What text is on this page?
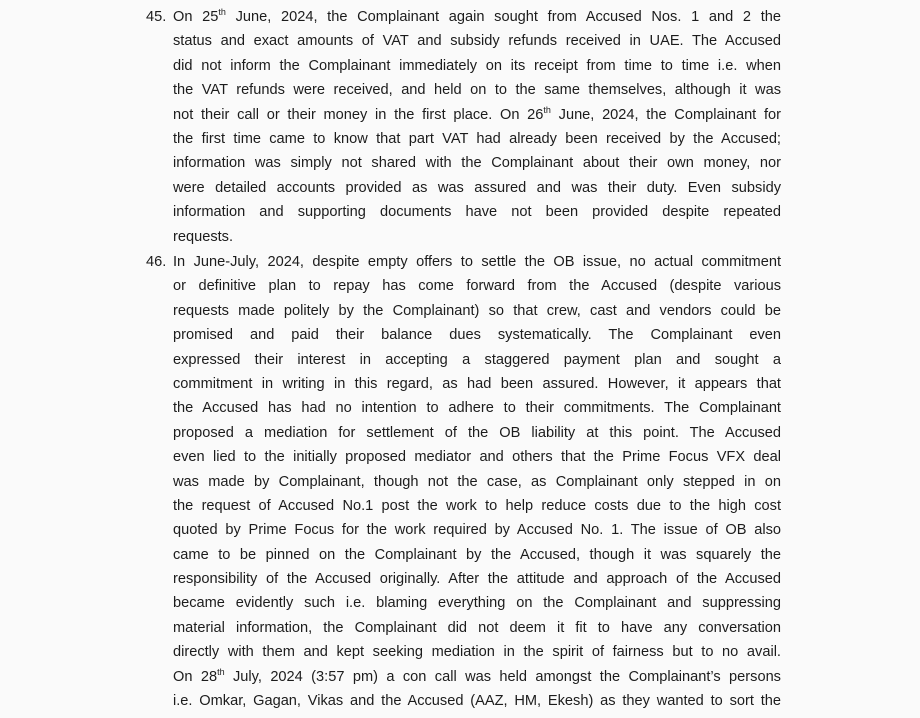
45. On 25th June, 2024, the Complainant again sought from Accused Nos. 1 and 2 the
status and exact amounts of VAT and subsidy refunds received in UAE. The Accused
did not inform the Complainant immediately on its receipt from time to time i.e. when
the VAT refunds were received, and held on to the same themselves, although it was
not their call or their money in the first place. On 26th June, 2024, the Complainant for
the first time came to know that part VAT had already been received by the Accused;
information was simply not shared with the Complainant about their own money, nor
were detailed accounts provided as was assured and was their duty. Even subsidy
information and supporting documents have not been provided despite repeated
requests.
46. In June-July, 2024, despite empty offers to settle the OB issue, no actual commitment
or definitive plan to repay has come forward from the Accused (despite various
requests made politely by the Complainant) so that crew, cast and vendors could be
promised and paid their balance dues systematically. The Complainant even
expressed their interest in accepting a staggered payment plan and sought a
commitment in writing in this regard, as had been assured. However, it appears that
the Accused has had no intention to adhere to their commitments. The Complainant
proposed a mediation for settlement of the OB liability at this point. The Accused
even lied to the initially proposed mediator and others that the Prime Focus VFX deal
was made by Complainant, though not the case, as Complainant only stepped in on
the request of Accused No.1 post the work to help reduce costs due to the high cost
quoted by Prime Focus for the work required by Accused No. 1. The issue of OB also
came to be pinned on the Complainant by the Accused, though it was squarely the
responsibility of the Accused originally. After the attitude and approach of the Accused
became evidently such i.e. blaming everything on the Complainant and suppressing
material information, the Complainant did not deem it fit to have any conversation
directly with them and kept seeking mediation in the spirit of fairness but to no avail.
On 28th July, 2024 (3:57 pm) a con call was held amongst the Complainant’s persons
i.e. Omkar, Gagan, Vikas and the Accused (AAZ, HM, Ekesh) as they wanted to sort the
